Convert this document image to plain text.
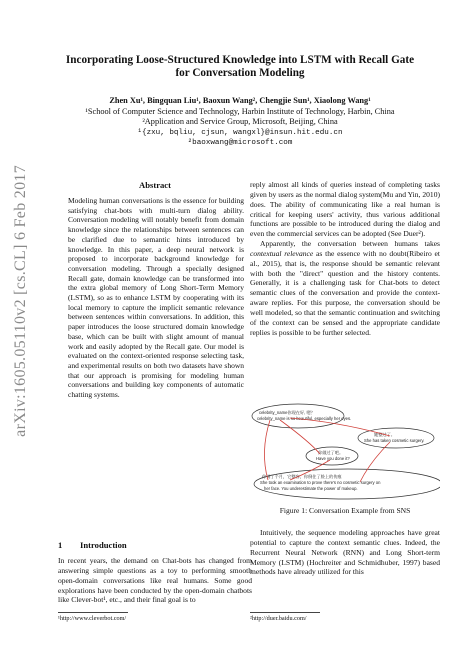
arXiv:1605.05110v2 [cs.CL] 6 Feb 2017
Incorporating Loose-Structured Knowledge into LSTM with Recall Gate
for Conversation Modeling
Zhen Xu¹, Bingquan Liu¹, Baoxun Wang², Chengjie Sun¹, Xiaolong Wang¹
¹School of Computer Science and Technology, Harbin Institute of Technology, Harbin, China
²Application and Service Group, Microsoft, Beijing, China
¹{zxu, bqliu, cjsun, wangxl}@insun.hit.edu.cn
²baoxwang@microsoft.com
Abstract
Modeling human conversations is the essence for building satisfying chat-bots with multi-turn dialog ability. Conversation modeling will notably benefit from domain knowledge since the relationships between sentences can be clarified due to semantic hints introduced by knowledge. In this paper, a deep neural network is proposed to incorporate background knowledge for conversation modeling. Through a specially designed Recall gate, domain knowledge can be transformed into the extra global memory of Long Short-Term Memory (LSTM), so as to enhance LSTM by cooperating with its local memory to capture the implicit semantic relevance between sentences within conversations. In addition, this paper introduces the loose structured domain knowledge base, which can be built with slight amount of manual work and easily adopted by the Recall gate. Our model is evaluated on the context-oriented response selecting task, and experimental results on both two datasets have shown that our approach is promising for modeling human conversations and building key components of automatic chatting systems.
1 Introduction
In recent years, the demand on Chat-bots has changed from answering simple questions as a toy to performing smooth open-domain conversations like real humans. Some good explorations have been conducted by the open-domain chatbots like Clever-bot¹, etc., and their final goal is to
¹http://www.cleverbot.com/

reply almost all kinds of queries instead of completing tasks given by users as the normal dialog system(Mu and Yin, 2010) does. The ability of communicating like a real human is critical for keeping users' activity, thus various additional functions are possible to be introduced during the dialog and even the commercial services can be adopted (See Duer²).

Apparently, the conversation between humans takes contextual relevance as the essence with no doubt(Ribeiro et al., 2015), that is, the response should be semantic relevant with both the "direct" question and the history contents. Generally, it is a challenging task for Chat-bots to detect semantic clues of the conversation and provide the context-aware replies. For this purpose, the conversation should be well modeled, so that the semantic continuation and switching of the context can be sensed and the appropriate candidate replies is possible to be further selected.

celebrity_name你现在好, 嗯？
celebrity_name is so beautiful, especially her eyes.
她整过了。
She has taken cosmetic surgery.
你做过了吧。
Have you done it?
你别了个月，它整容，你倒住了脸上的伤痕
She took an examination to prove there's no cosmetic surgery on
her face. You underestimate the power of makeup.
Figure 1: Conversation Example from SNS

Intuitively, the sequence modeling approaches have great potential to capture the context semantic clues. Indeed, the Recurrent Neural Network (RNN) and Long Short-term Memory (LSTM) (Hochreiter and Schmidhuber, 1997) based methods have already utilized for this

²http://duer.baidu.com/
